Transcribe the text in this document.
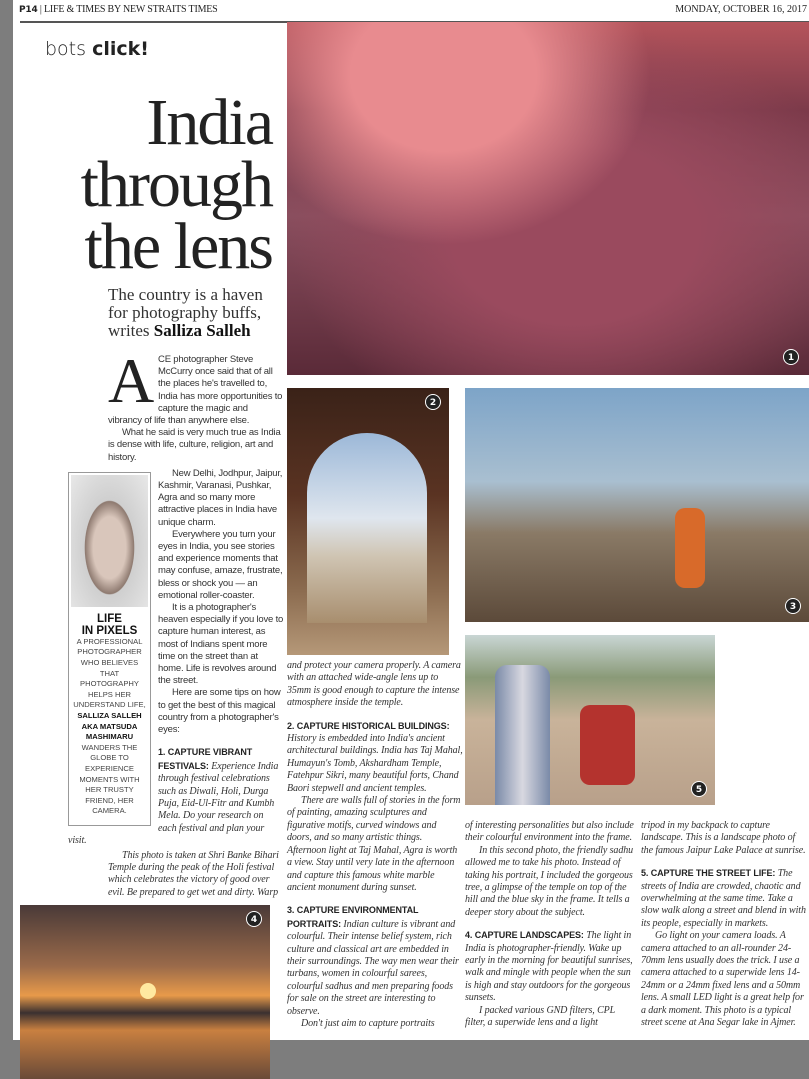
P14 | LIFE & TIMES BY NEW STRAITS TIMES	MONDAY, OCTOBER 16, 2017
bots click!
1
India through the lens
The country is a haven for photography buffs, writes Salliza Salleh
A CE photographer Steve McCurry once said that of all the places he's travelled to, India has more opportunities to capture the magic and vibrancy of life than anywhere else.

What he said is very much true as India is dense with life, culture, religion, art and history.

LIFE
IN PIXELS
A PROFESSIONAL PHOTOGRAPHER WHO BELIEVES THAT PHOTOGRAPHY HELPS HER UNDERSTAND LIFE, SALLIZA SALLEH AKA MATSUDA MASHIMARU WANDERS THE GLOBE TO EXPERIENCE MOMENTS WITH HER TRUSTY FRIEND, HER CAMERA.

New Delhi, Jodhpur, Jaipur, Kashmir, Varanasi, Pushkar, Agra and so many more attractive places in India have unique charm.

Everywhere you turn your eyes in India, you see stories and experience moments that may confuse, amaze, frustrate, bless or shock you — an emotional roller-coaster.

It is a photographer's heaven especially if you love to capture human interest, as most of Indians spent more time on the street than at home. Life is revolves around the street.

Here are some tips on how to get the best of this magical country from a photographer's eyes:

1. CAPTURE VIBRANT FESTIVALS: Experience India through festival celebrations such as Diwali, Holi, Durga Puja, Eid-Ul-Fitr and Kumbh Mela. Do your research on each festival and plan your visit.

This photo is taken at Shri Banke Bihari Temple during the peak of the Holi festival which celebrates the victory of good over evil. Be prepared to get wet and dirty. Warp

4
2
3
5

and protect your camera properly. A camera with an attached wide-angle lens up to 35mm is good enough to capture the intense atmosphere inside the temple.

2. CAPTURE HISTORICAL BUILDINGS: History is embedded into India's ancient architectural buildings. India has Taj Mahal, Humayun's Tomb, Akshardham Temple, Fatehpur Sikri, many beautiful forts, Chand Baori stepwell and ancient temples.

There are walls full of stories in the form of painting, amazing sculptures and figurative motifs, curved windows and doors, and so many artistic things. Afternoon light at Taj Mahal, Agra is worth a view. Stay until very late in the afternoon and capture this famous white marble ancient monument during sunset.

3. CAPTURE ENVIRONMENTAL PORTRAITS: Indian culture is vibrant and colourful. Their intense belief system, rich culture and classical art are embedded in their surroundings. The way men wear their turbans, women in colourful sarees, colourful sadhus and men preparing foods for sale on the street are interesting to observe.

Don't just aim to capture portraits

of interesting personalities but also include their colourful environment into the frame.

In this second photo, the friendly sadhu allowed me to take his photo. Instead of taking his portrait, I included the gorgeous tree, a glimpse of the temple on top of the hill and the blue sky in the frame. It tells a deeper story about the subject.

4. CAPTURE LANDSCAPES: The light in India is photographer-friendly. Wake up early in the morning for beautiful sunrises, walk and mingle with people when the sun is high and stay outdoors for the gorgeous sunsets.

I packed various GND filters, CPL filter, a superwide lens and a light

tripod in my backpack to capture landscape. This is a landscape photo of the famous Jaipur Lake Palace at sunrise.

5. CAPTURE THE STREET LIFE: The streets of India are crowded, chaotic and overwhelming at the same time. Take a slow walk along a street and blend in with its people, especially in markets.

Go light on your camera loads. A camera attached to an all-rounder 24-70mm lens usually does the trick. I use a camera attached to a superwide lens 14-24mm or a 24mm fixed lens and a 50mm lens. A small LED light is a great help for a dark moment. This photo is a typical street scene at Ana Segar lake in Ajmer.
